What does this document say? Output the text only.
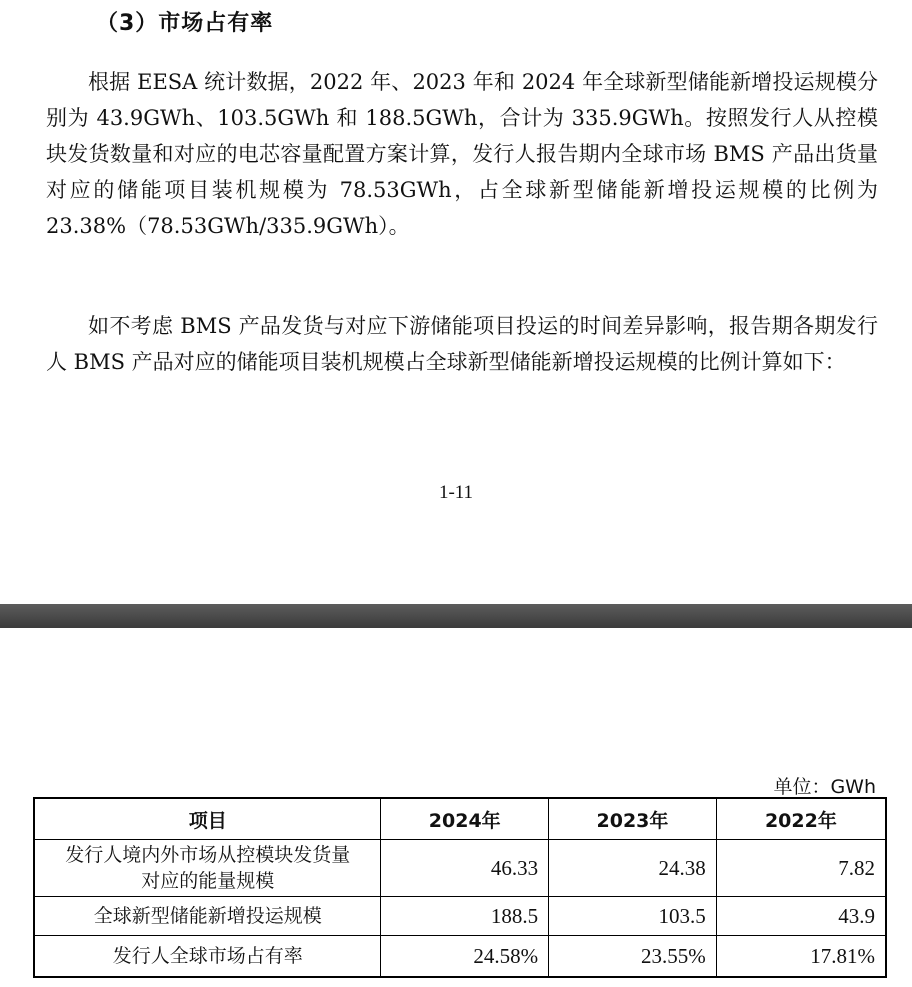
（3）市场占有率

根据 EESA 统计数据，2022 年、2023 年和 2024 年全球新型储能新增投运规模分别为 43.9GWh、103.5GWh 和 188.5GWh，合计为 335.9GWh。按照发行人从控模块发货数量和对应的电芯容量配置方案计算，发行人报告期内全球市场 BMS 产品出货量对应的储能项目装机规模为 78.53GWh，占全球新型储能新增投运规模的比例为 23.38%（78.53GWh/335.9GWh）。

如不考虑 BMS 产品发货与对应下游储能项目投运的时间差异影响，报告期各期发行人 BMS 产品对应的储能项目装机规模占全球新型储能新增投运规模的比例计算如下：

1-11
单位：GWh
项目	2024年	2023年	2022年
发行人境内外市场从控模块发货量
对应的能量规模	46.33	24.38	7.82
全球新型储能新增投运规模	188.5	103.5	43.9
发行人全球市场占有率	24.58%	23.55%	17.81%
